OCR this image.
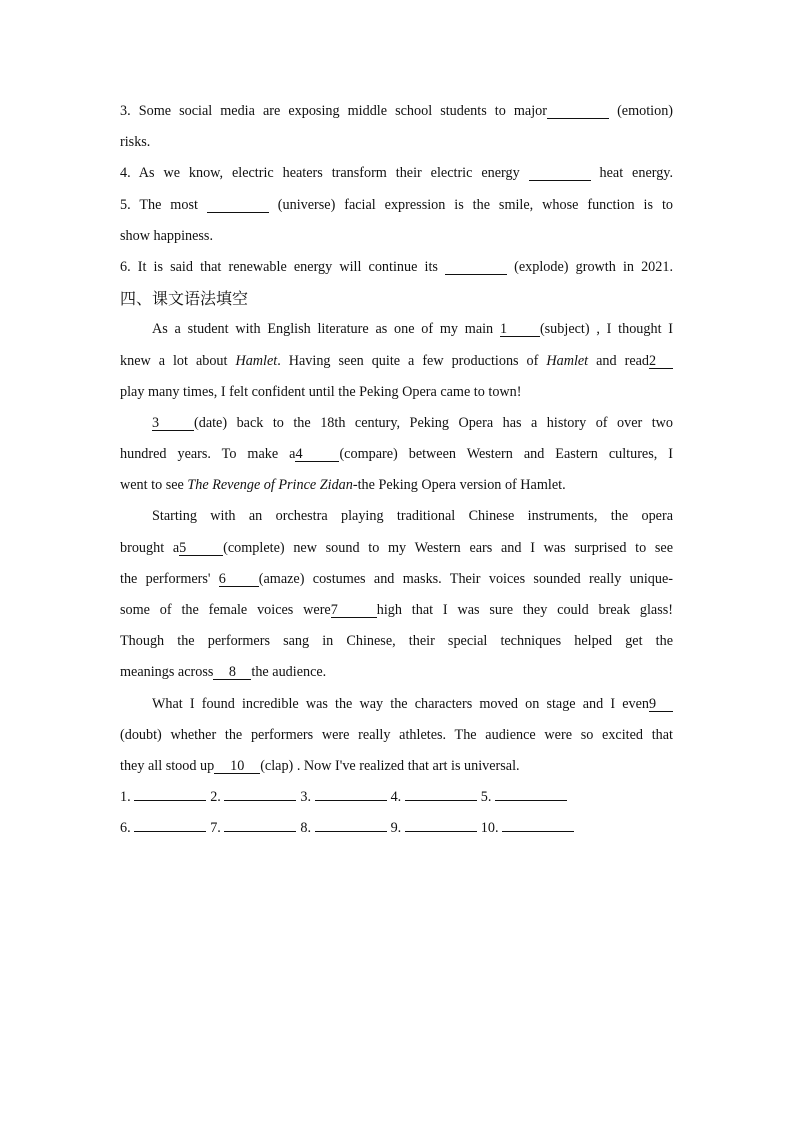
3. Some social media are exposing middle school students to major	(emotion)
risks.
4. As we know, electric heaters transform their electric energy	heat energy.
5. The most	(universe) facial expression is the smile, whose function is to
show happiness.
6. It is said that renewable energy will continue its	(explode) growth in 2021.
四、课文语法填空
As a student with English literature as one of my main 1 (subject) , I thought I
knew a lot about Hamlet. Having seen quite a few productions of Hamlet and read2
play many times, I felt confident until the Peking Opera came to town!
3 (date) back to the 18th century, Peking Opera has a history of over two
hundred years. To make a4	(compare) between Western and Eastern cultures, I
went to see The Revenge of Prince Zidan-the Peking Opera version of Hamlet.
Starting with an orchestra playing traditional Chinese instruments, the opera
brought a5	(complete) new sound to my Western ears and I was surprised to see
the performers' 6 (amaze) costumes and masks. Their voices sounded really unique-
some of the female voices were7	high that I was sure they could break glass!
Though the performers sang in Chinese, their special techniques helped get the
meanings across 8 the audience.
What I found incredible was the way the characters moved on stage and I even9
(doubt) whether the performers were really athletes. The audience were so excited that
they all stood up 10 (clap) . Now I've realized that art is universal.
1.	2.	3.	4.	5.
6.	7.	8.	9.	10.
